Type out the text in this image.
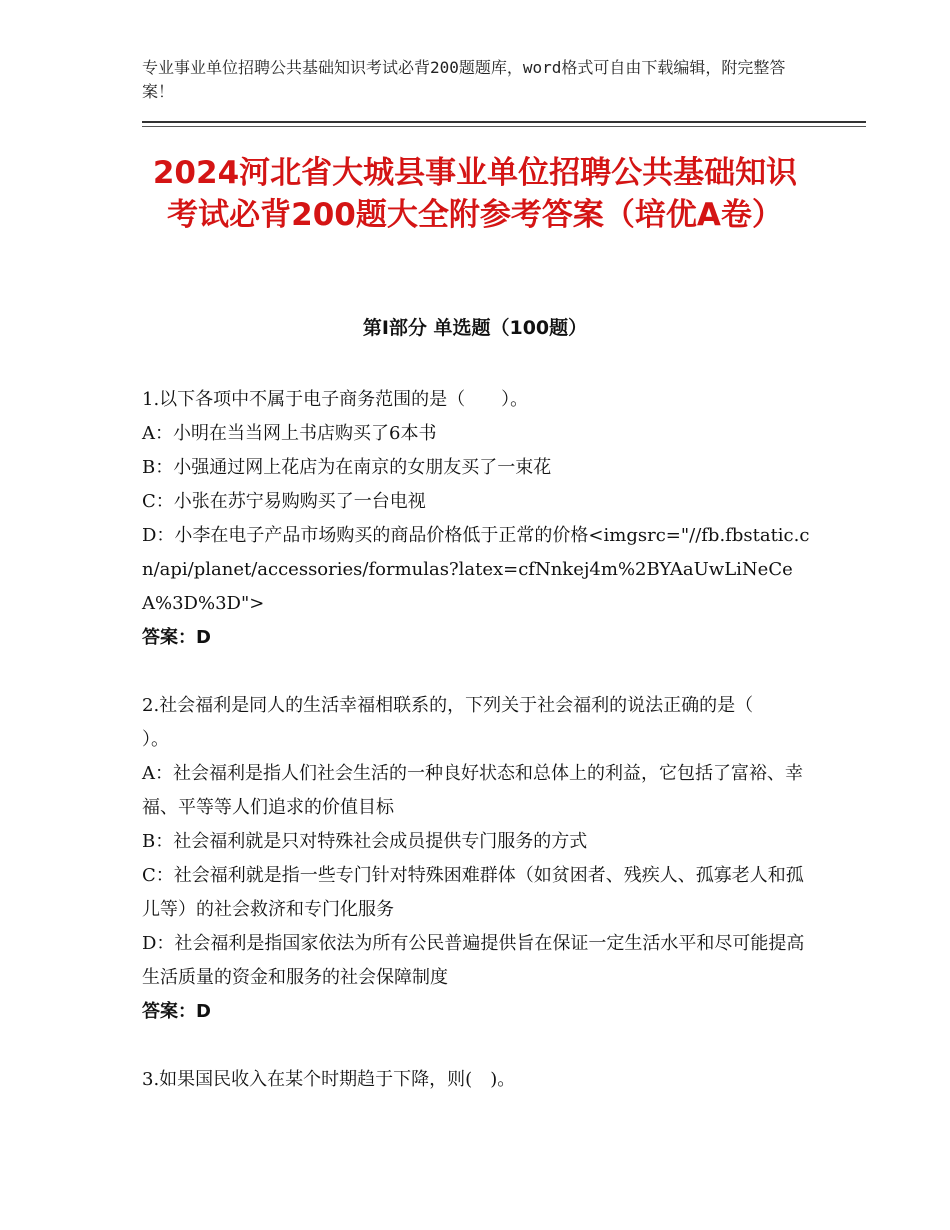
专业事业单位招聘公共基础知识考试必背200题题库，word格式可自由下载编辑，附完整答案！
2024河北省大城县事业单位招聘公共基础知识考试必背200题大全附参考答案（培优A卷）
第Ⅰ部分 单选题（100题）

1.以下各项中不属于电子商务范围的是（　　）。

A：小明在当当网上书店购买了6本书

B：小强通过网上花店为在南京的女朋友买了一束花

C：小张在苏宁易购购买了一台电视

D：小李在电子产品市场购买的商品价格低于正常的价格<imgsrc="//fb.fbstatic.cn/api/planet/accessories/formulas?latex=cfNnkej4m%2BYAaUwLiNeCeA%3D%3D">

答案：D

2.社会福利是同人的生活幸福相联系的，下列关于社会福利的说法正确的是（　　）。

A：社会福利是指人们社会生活的一种良好状态和总体上的利益，它包括了富裕、幸福、平等等人们追求的价值目标

B：社会福利就是只对特殊社会成员提供专门服务的方式

C：社会福利就是指一些专门针对特殊困难群体（如贫困者、残疾人、孤寡老人和孤儿等）的社会救济和专门化服务

D：社会福利是指国家依法为所有公民普遍提供旨在保证一定生活水平和尽可能提高生活质量的资金和服务的社会保障制度

答案：D

3.如果国民收入在某个时期趋于下降，则(　)。
